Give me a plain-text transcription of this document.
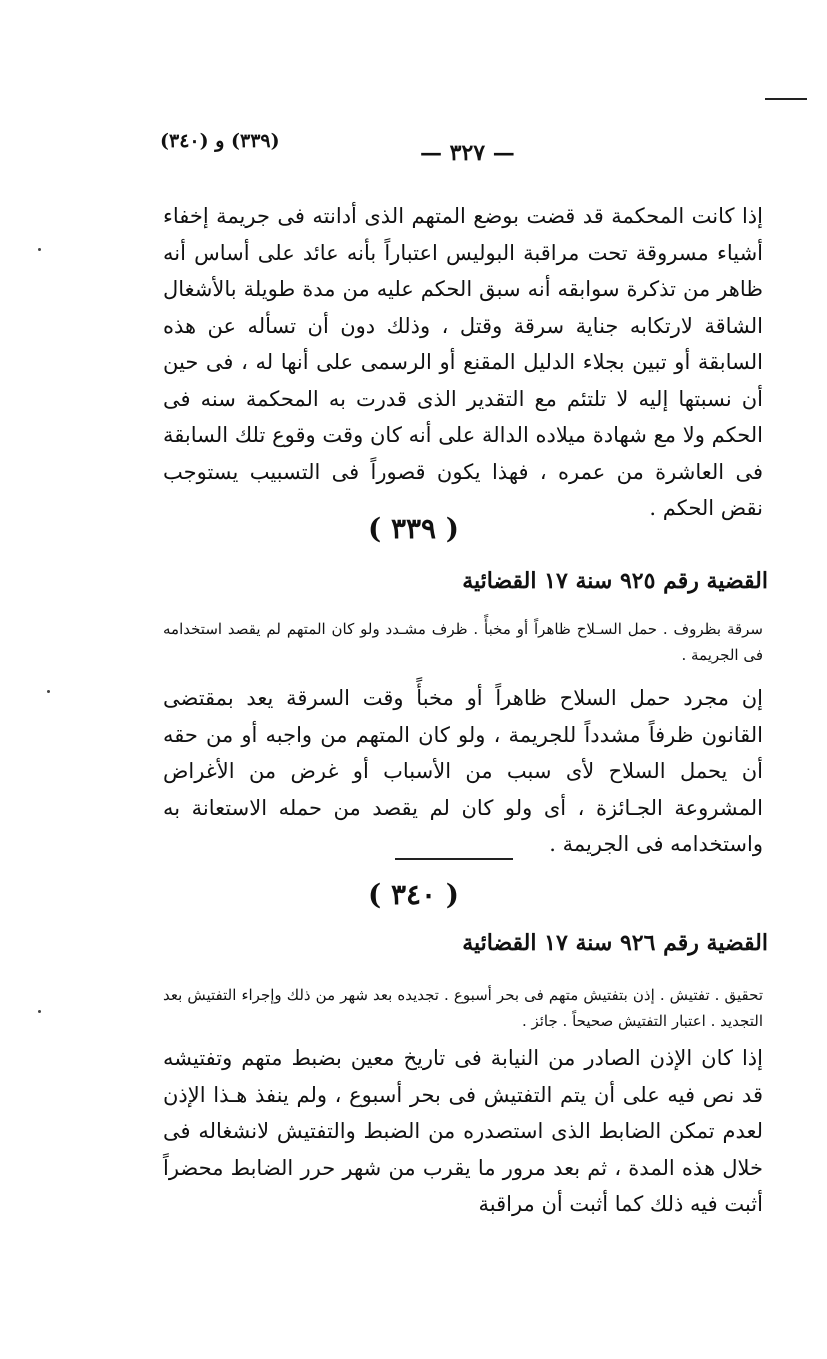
(٣٣٩) و (٣٤٠)	— ٣٢٧ —
إذا كانت المحكمة قد قضت بوضع المتهم الذى أدانته فى جريمة إخفاء أشياء مسروقة تحت مراقبة البوليس اعتباراً بأنه عائد على أساس أنه ظاهر من تذكرة سوابقه أنه سبق الحكم عليه من مدة طويلة بالأشغال الشاقة لارتكابه جناية سرقة وقتل ، وذلك دون أن تسأله عن هذه السابقة أو تبين بجلاء الدليل المقنع أو الرسمى على أنها له ، فى حين أن نسبتها إليه لا تلتئم مع التقدير الذى قدرت به المحكمة سنه فى الحكم ولا مع شهادة ميلاده الدالة على أنه كان وقت وقوع تلك السابقة فى العاشرة من عمره ، فهذا يكون قصوراً فى التسبيب يستوجب نقض الحكم .
( ٣٣٩ )
القضية رقم ٩٢٥ سنة ١٧ القضائية
سرقة بظروف . حمل السـلاح ظاهراً أو مخبأً . ظرف مشـدد ولو كان المتهم لم يقصد استخدامه فى الجريمة .
إن مجرد حمل السلاح ظاهراً أو مخبأً وقت السرقة يعد بمقتضى القانون ظرفاً مشدداً للجريمة ، ولو كان المتهم من واجبه أو من حقه أن يحمل السلاح لأى سبب من الأسباب أو غرض من الأغراض المشروعة الجـائزة ، أى ولو كان لم يقصد من حمله الاستعانة به واستخدامه فى الجريمة .
( ٣٤٠ )
القضية رقم ٩٢٦ سنة ١٧ القضائية
تحقيق . تفتيش . إذن بتفتيش متهم فى بحر أسبوع . تجديده بعد شهر من ذلك وإجراء التفتيش بعد التجديد . اعتبار التفتيش صحيحاً . جائز .
إذا كان الإذن الصادر من النيابة فى تاريخ معين بضبط متهم وتفتيشه قد نص فيه على أن يتم التفتيش فى بحر أسبوع ، ولم ينفذ هـذا الإذن لعدم تمكن الضابط الذى استصدره من الضبط والتفتيش لانشغاله فى خلال هذه المدة ، ثم بعد مرور ما يقرب من شهر حرر الضابط محضراً أثبت فيه ذلك كما أثبت أن مراقبة
